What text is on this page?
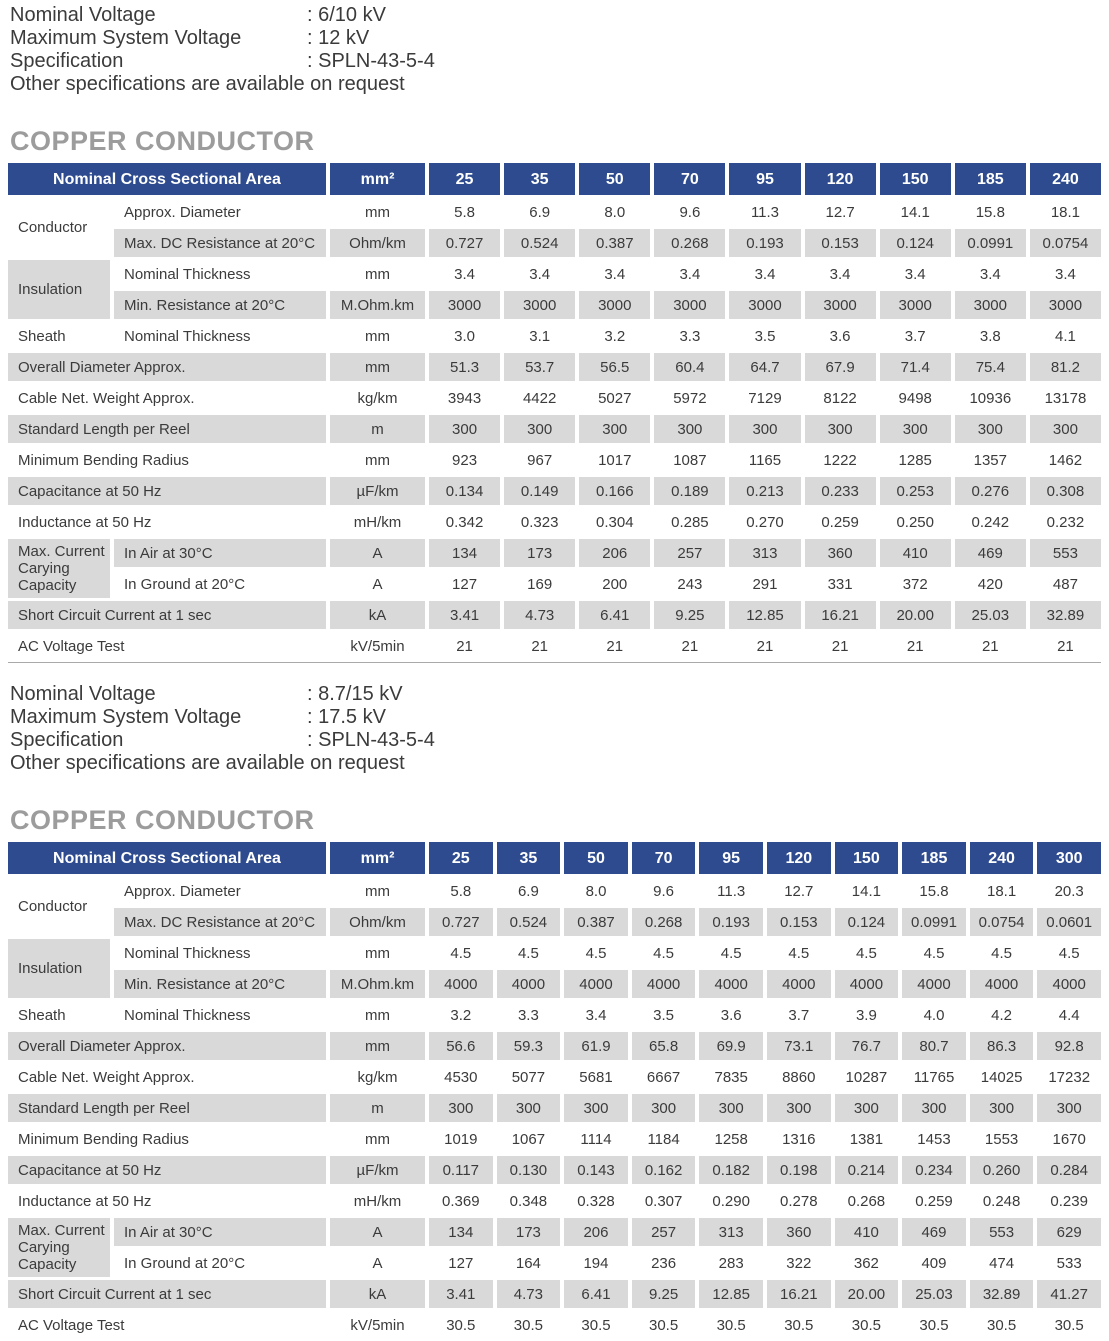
Nominal Voltage	: 6/10 kV
Maximum System Voltage	: 12 kV
Specification	: SPLN-43-5-4
Other specifications are available on request
COPPER CONDUCTOR
Nominal Cross Sectional Area	mm²	25	35	50	70	95	120	150	185	240
Conductor
Approx. Diameter	mm	5.8	6.9	8.0	9.6	11.3	12.7	14.1	15.8	18.1
Max. DC Resistance at 20°C	Ohm/km	0.727	0.524	0.387	0.268	0.193	0.153	0.124	0.0991	0.0754
Insulation
Nominal Thickness	mm	3.4	3.4	3.4	3.4	3.4	3.4	3.4	3.4	3.4
Min. Resistance at 20°C	M.Ohm.km	3000	3000	3000	3000	3000	3000	3000	3000	3000
Sheath	Nominal Thickness	mm	3.0	3.1	3.2	3.3	3.5	3.6	3.7	3.8	4.1
Overall Diameter Approx.	mm	51.3	53.7	56.5	60.4	64.7	67.9	71.4	75.4	81.2
Cable Net. Weight Approx.	kg/km	3943	4422	5027	5972	7129	8122	9498	10936	13178
Standard Length per Reel	m	300	300	300	300	300	300	300	300	300
Minimum Bending Radius	mm	923	967	1017	1087	1165	1222	1285	1357	1462
Capacitance at 50 Hz	µF/km	0.134	0.149	0.166	0.189	0.213	0.233	0.253	0.276	0.308
Inductance at 50 Hz	mH/km	0.342	0.323	0.304	0.285	0.270	0.259	0.250	0.242	0.232
Max. Current Carying Capacity
In Air at 30°C	A	134	173	206	257	313	360	410	469	553
In Ground at 20°C	A	127	169	200	243	291	331	372	420	487
Short Circuit Current at 1 sec	kA	3.41	4.73	6.41	9.25	12.85	16.21	20.00	25.03	32.89
AC Voltage Test	kV/5min	21	21	21	21	21	21	21	21	21
Nominal Voltage	: 8.7/15 kV
Maximum System Voltage	: 17.5 kV
Specification	: SPLN-43-5-4
Other specifications are available on request
COPPER CONDUCTOR
Nominal Cross Sectional Area	mm²	25	35	50	70	95	120	150	185	240	300
Conductor
Approx. Diameter	mm	5.8	6.9	8.0	9.6	11.3	12.7	14.1	15.8	18.1	20.3
Max. DC Resistance at 20°C	Ohm/km	0.727	0.524	0.387	0.268	0.193	0.153	0.124	0.0991	0.0754	0.0601
Insulation
Nominal Thickness	mm	4.5	4.5	4.5	4.5	4.5	4.5	4.5	4.5	4.5	4.5
Min. Resistance at 20°C	M.Ohm.km	4000	4000	4000	4000	4000	4000	4000	4000	4000	4000
Sheath	Nominal Thickness	mm	3.2	3.3	3.4	3.5	3.6	3.7	3.9	4.0	4.2	4.4
Overall Diameter Approx.	mm	56.6	59.3	61.9	65.8	69.9	73.1	76.7	80.7	86.3	92.8
Cable Net. Weight Approx.	kg/km	4530	5077	5681	6667	7835	8860	10287	11765	14025	17232
Standard Length per Reel	m	300	300	300	300	300	300	300	300	300	300
Minimum Bending Radius	mm	1019	1067	1114	1184	1258	1316	1381	1453	1553	1670
Capacitance at 50 Hz	µF/km	0.117	0.130	0.143	0.162	0.182	0.198	0.214	0.234	0.260	0.284
Inductance at 50 Hz	mH/km	0.369	0.348	0.328	0.307	0.290	0.278	0.268	0.259	0.248	0.239
Max. Current Carying Capacity
In Air at 30°C	A	134	173	206	257	313	360	410	469	553	629
In Ground at 20°C	A	127	164	194	236	283	322	362	409	474	533
Short Circuit Current at 1 sec	kA	3.41	4.73	6.41	9.25	12.85	16.21	20.00	25.03	32.89	41.27
AC Voltage Test	kV/5min	30.5	30.5	30.5	30.5	30.5	30.5	30.5	30.5	30.5	30.5
